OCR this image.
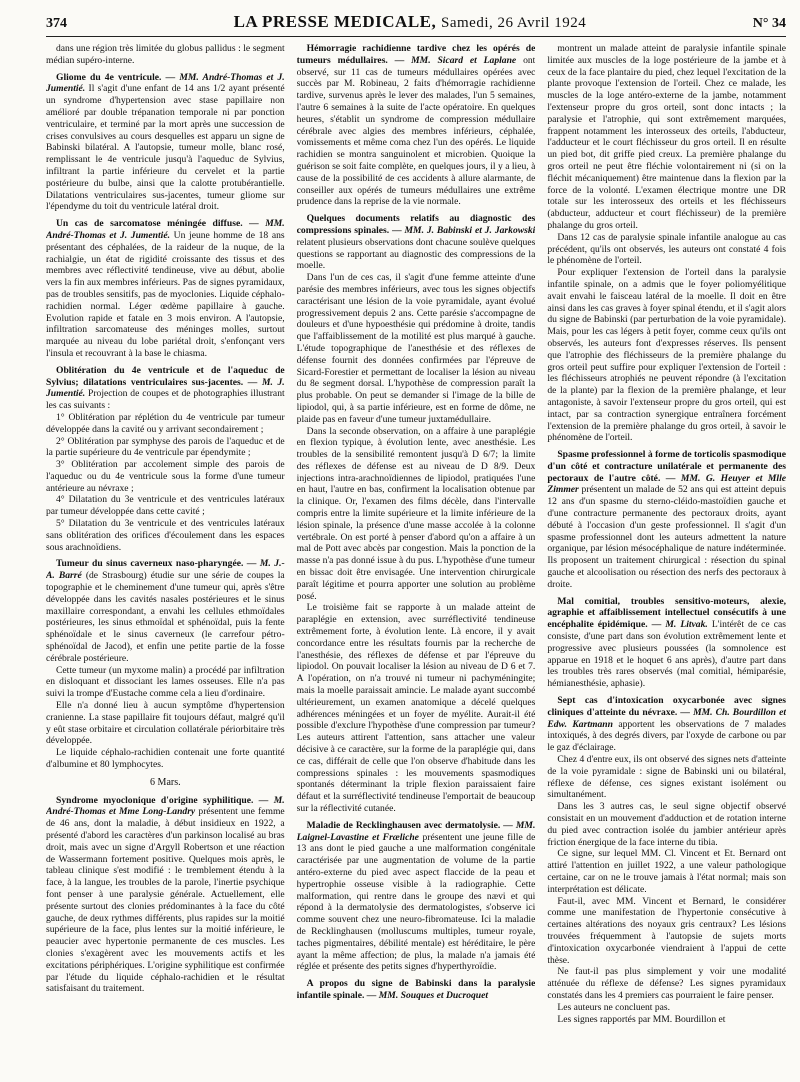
374	LA PRESSE MEDICALE, Samedi, 26 Avril 1924	N° 34

dans une région très limitée du globus pallidus : le segment médian supéro-interne.

Gliome du 4e ventricule. — MM. André-Thomas et J. Jumentié. Il s'agit d'une enfant de 14 ans 1/2 ayant présenté un syndrome d'hypertension avec stase papillaire non amélioré par double trépanation temporale ni par ponction ventriculaire, et terminé par la mort après une succession de crises convulsives au cours desquelles est apparu un signe de Babinski bilatéral. A l'autopsie, tumeur molle, blanc rosé, remplissant le 4e ventricule jusqu'à l'aqueduc de Sylvius, infiltrant la partie inférieure du cervelet et la partie postérieure du bulbe, ainsi que la calotte protubérantielle. Dilatations ventriculaires sus-jacentes, tumeur gliome sur l'épendyme du toit du ventricule latéral droit.

Un cas de sarcomatose méningée diffuse. — MM. André-Thomas et J. Jumentié. Un jeune homme de 18 ans présentant des céphalées, de la raideur de la nuque, de la rachialgie, un état de rigidité croissante des tissus et des membres avec réflectivité tendineuse, vive au début, abolie vers la fin aux membres inférieurs. Pas de signes pyramidaux, pas de troubles sensitifs, pas de myoclonies. Liquide céphalo-rachidien normal. Léger œdème papillaire à gauche. Evolution rapide et fatale en 3 mois environ. A l'autopsie, infiltration sarcomateuse des méninges molles, surtout marquée au niveau du lobe pariétal droit, s'enfonçant vers l'insula et recouvrant à la base le chiasma.

Oblitération du 4e ventricule et de l'aqueduc de Sylvius; dilatations ventriculaires sus-jacentes. — M. J. Jumentié. Projection de coupes et de photographies illustrant les cas suivants :

1° Oblitération par réplétion du 4e ventricule par tumeur développée dans la cavité ou y arrivant secondairement ;

2° Oblitération par symphyse des parois de l'aqueduc et de la partie supérieure du 4e ventricule par épendymite ;

3° Oblitération par accolement simple des parois de l'aqueduc ou du 4e ventricule sous la forme d'une tumeur antérieure au névraxe ;

4° Dilatation du 3e ventricule et des ventricules latéraux par tumeur développée dans cette cavité ;

5° Dilatation du 3e ventricule et des ventricules latéraux sans oblitération des orifices d'écoulement dans les espaces sous arachnoïdiens.

Tumeur du sinus caverneux naso-pharyngée. — M. J.-A. Barré (de Strasbourg) étudie sur une série de coupes la topographie et le cheminement d'une tumeur qui, après s'être développée dans les cavités nasales postérieures et le sinus maxillaire correspondant, a envahi les cellules ethmoïdales postérieures, les sinus ethmoïdal et sphénoïdal, puis la fente sphénoïdale et le sinus caverneux (le carrefour pétro-sphénoïdal de Jacod), et enfin une petite partie de la fosse cérébrale postérieure.

Cette tumeur (un myxome malin) a procédé par infiltration en disloquant et dissociant les lames osseuses. Elle n'a pas suivi la trompe d'Eustache comme cela a lieu d'ordinaire.

Elle n'a donné lieu à aucun symptôme d'hypertension cranienne. La stase papillaire fit toujours défaut, malgré qu'il y eût stase orbitaire et circulation collatérale périorbitaire très développée.

Le liquide céphalo-rachidien contenait une forte quantité d'albumine et 80 lymphocytes.

6 Mars.

Syndrome myoclonique d'origine syphilitique. — M. André-Thomas et Mme Long-Landry présentent une femme de 46 ans, dont la maladie, à début insidieux en 1922, a présenté d'abord les caractères d'un parkinson localisé au bras droit, mais avec un signe d'Argyll Robertson et une réaction de Wassermann fortement positive. Quelques mois après, le tableau clinique s'est modifié : le tremblement étendu à la face, à la langue, les troubles de la parole, l'inertie psychique font penser à une paralysie générale. Actuellement, elle présente surtout des clonies prédominantes à la face du côté gauche, de deux rythmes différents, plus rapides sur la moitié supérieure de la face, plus lentes sur la moitié inférieure, le peaucier avec hypertonie permanente de ces muscles. Les clonies s'exagèrent avec les mouvements actifs et les excitations périphériques. L'origine syphilitique est confirmée par l'étude du liquide céphalo-rachidien et le résultat satisfaisant du traitement.

Hémorragie rachidienne tardive chez les opérés de tumeurs médullaires. — MM. Sicard et Laplane ont observé, sur 11 cas de tumeurs médullaires opérées avec succès par M. Robineau, 2 faits d'hémorragie rachidienne tardive, survenus après le lever des malades, l'un 5 semaines, l'autre 6 semaines à la suite de l'acte opératoire. En quelques heures, s'établit un syndrome de compression médullaire cérébrale avec algies des membres inférieurs, céphalée, vomissements et même coma chez l'un des opérés. Le liquide rachidien se montra sanguinolent et microbien. Quoique la guérison se soit faite complète, en quelques jours, il y a lieu, à cause de la possibilité de ces accidents à allure alarmante, de conseiller aux opérés de tumeurs médullaires une extrême prudence dans la reprise de la vie normale.

Quelques documents relatifs au diagnostic des compressions spinales. — MM. J. Babinski et J. Jarkowski relatent plusieurs observations dont chacune soulève quelques questions se rapportant au diagnostic des compressions de la moelle.

Dans l'un de ces cas, il s'agit d'une femme atteinte d'une parésie des membres inférieurs, avec tous les signes objectifs caractérisant une lésion de la voie pyramidale, ayant évolué progressivement depuis 2 ans. Cette parésie s'accompagne de douleurs et d'une hypoesthésie qui prédomine à droite, tandis que l'affaiblissement de la motilité est plus marqué à gauche. L'étude topographique de l'anesthésie et des réflexes de défense fournit des données confirmées par l'épreuve de Sicard-Forestier et permettant de localiser la lésion au niveau du 8e segment dorsal. L'hypothèse de compression paraît la plus probable. On peut se demander si l'image de la bille de lipiodol, qui, à sa partie inférieure, est en forme de dôme, ne plaide pas en faveur d'une tumeur juxtamédullaire.

Dans la seconde observation, on a affaire à une paraplégie en flexion typique, à évolution lente, avec anesthésie. Les troubles de la sensibilité remontent jusqu'à D 6/7; la limite des réflexes de défense est au niveau de D 8/9. Deux injections intra-arachnoïdiennes de lipiodol, pratiquées l'une en haut, l'autre en bas, confirment la localisation obtenue par la clinique. Or, l'examen des films décèle, dans l'intervalle compris entre la limite supérieure et la limite inférieure de la lésion spinale, la présence d'une masse accolée à la colonne vertébrale. On est porté à penser d'abord qu'on a affaire à un mal de Pott avec abcès par congestion. Mais la ponction de la masse n'a pas donné issue à du pus. L'hypothèse d'une tumeur en bissac doit être envisagée. Une intervention chirurgicale paraît légitime et pourra apporter une solution au problème posé.

Le troisième fait se rapporte à un malade atteint de paraplégie en extension, avec surréflectivité tendineuse extrêmement forte, à évolution lente. Là encore, il y avait concordance entre les résultats fournis par la recherche de l'anesthésie, des réflexes de défense et par l'épreuve du lipiodol. On pouvait localiser la lésion au niveau de D 6 et 7. A l'opération, on n'a trouvé ni tumeur ni pachyméningite; mais la moelle paraissait amincie. Le malade ayant succombé ultérieurement, un examen anatomique a décelé quelques adhérences méningées et un foyer de myélite. Aurait-il été possible d'exclure l'hypothèse d'une compression par tumeur? Les auteurs attirent l'attention, sans attacher une valeur décisive à ce caractère, sur la forme de la paraplégie qui, dans ce cas, différait de celle que l'on observe d'habitude dans les compressions spinales : les mouvements spasmodiques spontanés déterminant la triple flexion paraissaient faire défaut et la surréflectivité tendineuse l'emportait de beaucoup sur la réflectivité cutanée.

Maladie de Recklinghausen avec dermatolysie. — MM. Laignel-Lavastine et Fræliche présentent une jeune fille de 13 ans dont le pied gauche a une malformation congénitale caractérisée par une augmentation de volume de la partie antéro-externe du pied avec aspect flaccide de la peau et hypertrophie osseuse visible à la radiographie. Cette malformation, qui rentre dans le groupe des nævi et qui répond à la dermatolysie des dermatologistes, s'observe ici comme souvent chez une neuro-fibromateuse. Ici la maladie de Recklinghausen (molluscums multiples, tumeur royale, taches pigmentaires, débilité mentale) est héréditaire, le père ayant la même affection; de plus, la malade n'a jamais été réglée et présente des petits signes d'hyperthyroïdie.

A propos du signe de Babinski dans la paralysie infantile spinale. — MM. Souques et Ducroquet

montrent un malade atteint de paralysie infantile spinale limitée aux muscles de la loge postérieure de la jambe et à ceux de la face plantaire du pied, chez lequel l'excitation de la plante provoque l'extension de l'orteil. Chez ce malade, les muscles de la loge antéro-externe de la jambe, notamment l'extenseur propre du gros orteil, sont donc intacts ; la paralysie et l'atrophie, qui sont extrêmement marquées, frappent notamment les interosseux des orteils, l'abducteur, l'adducteur et le court fléchisseur du gros orteil. Il en résulte un pied bot, dit griffe pied creux. La première phalange du gros orteil ne peut être fléchie volontairement ni (si on la fléchit mécaniquement) être maintenue dans la flexion par la force de la volonté. L'examen électrique montre une DR totale sur les interosseux des orteils et les fléchisseurs (abducteur, adducteur et court fléchisseur) de la première phalange du gros orteil.

Dans 12 cas de paralysie spinale infantile analogue au cas précédent, qu'ils ont observés, les auteurs ont constaté 4 fois le phénomène de l'orteil.

Pour expliquer l'extension de l'orteil dans la paralysie infantile spinale, on a admis que le foyer poliomyélitique avait envahi le faisceau latéral de la moelle. Il doit en être ainsi dans les cas graves à foyer spinal étendu, et il s'agit alors du signe de Babinski (par perturbation de la voie pyramidale). Mais, pour les cas légers à petit foyer, comme ceux qu'ils ont observés, les auteurs font d'expresses réserves. Ils pensent que l'atrophie des fléchisseurs de la première phalange du gros orteil peut suffire pour expliquer l'extension de l'orteil : les fléchisseurs atrophiés ne peuvent répondre (à l'excitation de la plante) par la flexion de la première phalange, et leur antagoniste, à savoir l'extenseur propre du gros orteil, qui est intact, par sa contraction synergique entraînera forcément l'extension de la première phalange du gros orteil, à savoir le phénomène de l'orteil.

Spasme professionnel à forme de torticolis spasmodique d'un côté et contracture unilatérale et permanente des pectoraux de l'autre côté. — MM. G. Heuyer et Mlle Zimmer présentent un malade de 52 ans qui est atteint depuis 12 ans d'un spasme du sterno-cléido-mastoïdien gauche et d'une contracture permanente des pectoraux droits, ayant débuté à l'occasion d'un geste professionnel. Il s'agit d'un spasme professionnel dont les auteurs admettent la nature organique, par lésion mésocéphalique de nature indéterminée. Ils proposent un traitement chirurgical : résection du spinal gauche et alcoolisation ou résection des nerfs des pectoraux à droite.

Mal comitial, troubles sensitivo-moteurs, alexie, agraphie et affaiblissement intellectuel consécutifs à une encéphalite épidémique. — M. Litvak. L'intérêt de ce cas consiste, d'une part dans son évolution extrêmement lente et progressive avec plusieurs poussées (la somnolence est apparue en 1918 et le hoquet 6 ans après), d'autre part dans les troubles très rares observés (mal comitial, hémiparésie, hémianesthésie, aphasie).

Sept cas d'intoxication oxycarbonée avec signes cliniques d'atteinte du névraxe. — MM. Ch. Bourdillon et Edw. Kartmann apportent les observations de 7 malades intoxiqués, à des degrés divers, par l'oxyde de carbone ou par le gaz d'éclairage.

Chez 4 d'entre eux, ils ont observé des signes nets d'atteinte de la voie pyramidale : signe de Babinski uni ou bilatéral, réflexe de défense, ces signes existant isolément ou simultanément.

Dans les 3 autres cas, le seul signe objectif observé consistait en un mouvement d'adduction et de rotation interne du pied avec contraction isolée du jambier antérieur après friction énergique de la face interne du tibia.

Ce signe, sur lequel MM. Cl. Vincent et Et. Bernard ont attiré l'attention en juillet 1922, a une valeur pathologique certaine, car on ne le trouve jamais à l'état normal; mais son interprétation est délicate.

Faut-il, avec MM. Vincent et Bernard, le considérer comme une manifestation de l'hypertonie consécutive à certaines altérations des noyaux gris centraux? Les lésions trouvées fréquemment à l'autopsie de sujets morts d'intoxication oxycarbonée viendraient à l'appui de cette thèse.

Ne faut-il pas plus simplement y voir une modalité atténuée du réflexe de défense? Les signes pyramidaux constatés dans les 4 premiers cas pourraient le faire penser.

Les auteurs ne concluent pas.

Les signes rapportés par MM. Bourdillon et
